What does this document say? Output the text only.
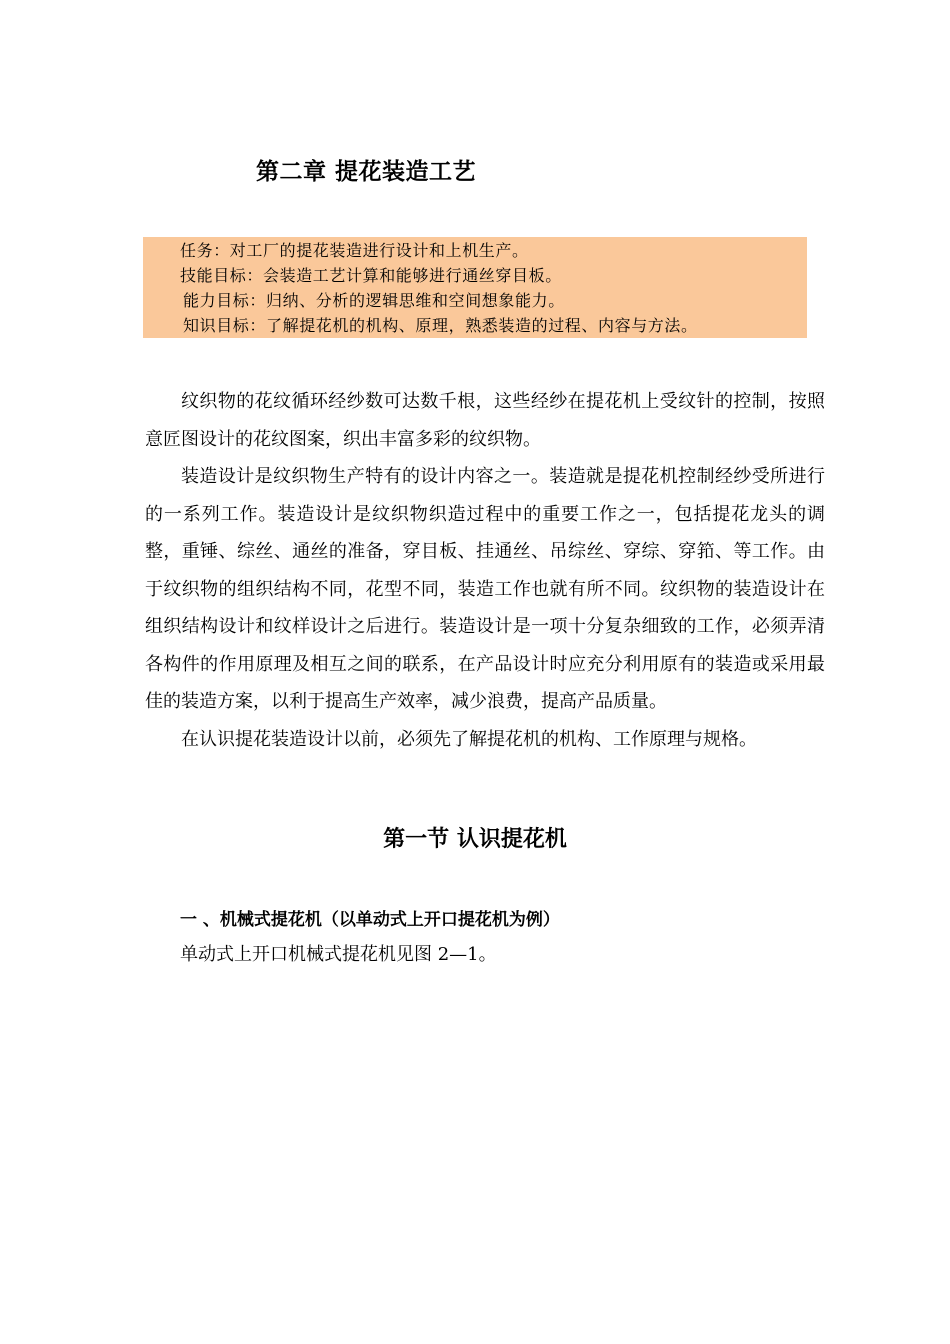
第二章 提花装造工艺
任务：对工厂的提花装造进行设计和上机生产。
技能目标：会装造工艺计算和能够进行通丝穿目板。
能力目标：归纳、分析的逻辑思维和空间想象能力。
知识目标：了解提花机的机构、原理，熟悉装造的过程、内容与方法。

纹织物的花纹循环经纱数可达数千根，这些经纱在提花机上受纹针的控制，按照意匠图设计的花纹图案，织出丰富多彩的纹织物。

装造设计是纹织物生产特有的设计内容之一。装造就是提花机控制经纱受所进行的一系列工作。装造设计是纹织物织造过程中的重要工作之一，包括提花龙头的调整，重锤、综丝、通丝的准备，穿目板、挂通丝、吊综丝、穿综、穿筘、等工作。由于纹织物的组织结构不同，花型不同，装造工作也就有所不同。纹织物的装造设计在组织结构设计和纹样设计之后进行。装造设计是一项十分复杂细致的工作，必须弄清各构件的作用原理及相互之间的联系，在产品设计时应充分利用原有的装造或采用最佳的装造方案，以利于提高生产效率，减少浪费，提高产品质量。

在认识提花装造设计以前，必须先了解提花机的机构、工作原理与规格。

第一节 认识提花机
一 、机械式提花机（以单动式上开口提花机为例）
单动式上开口机械式提花机见图 2—1。
